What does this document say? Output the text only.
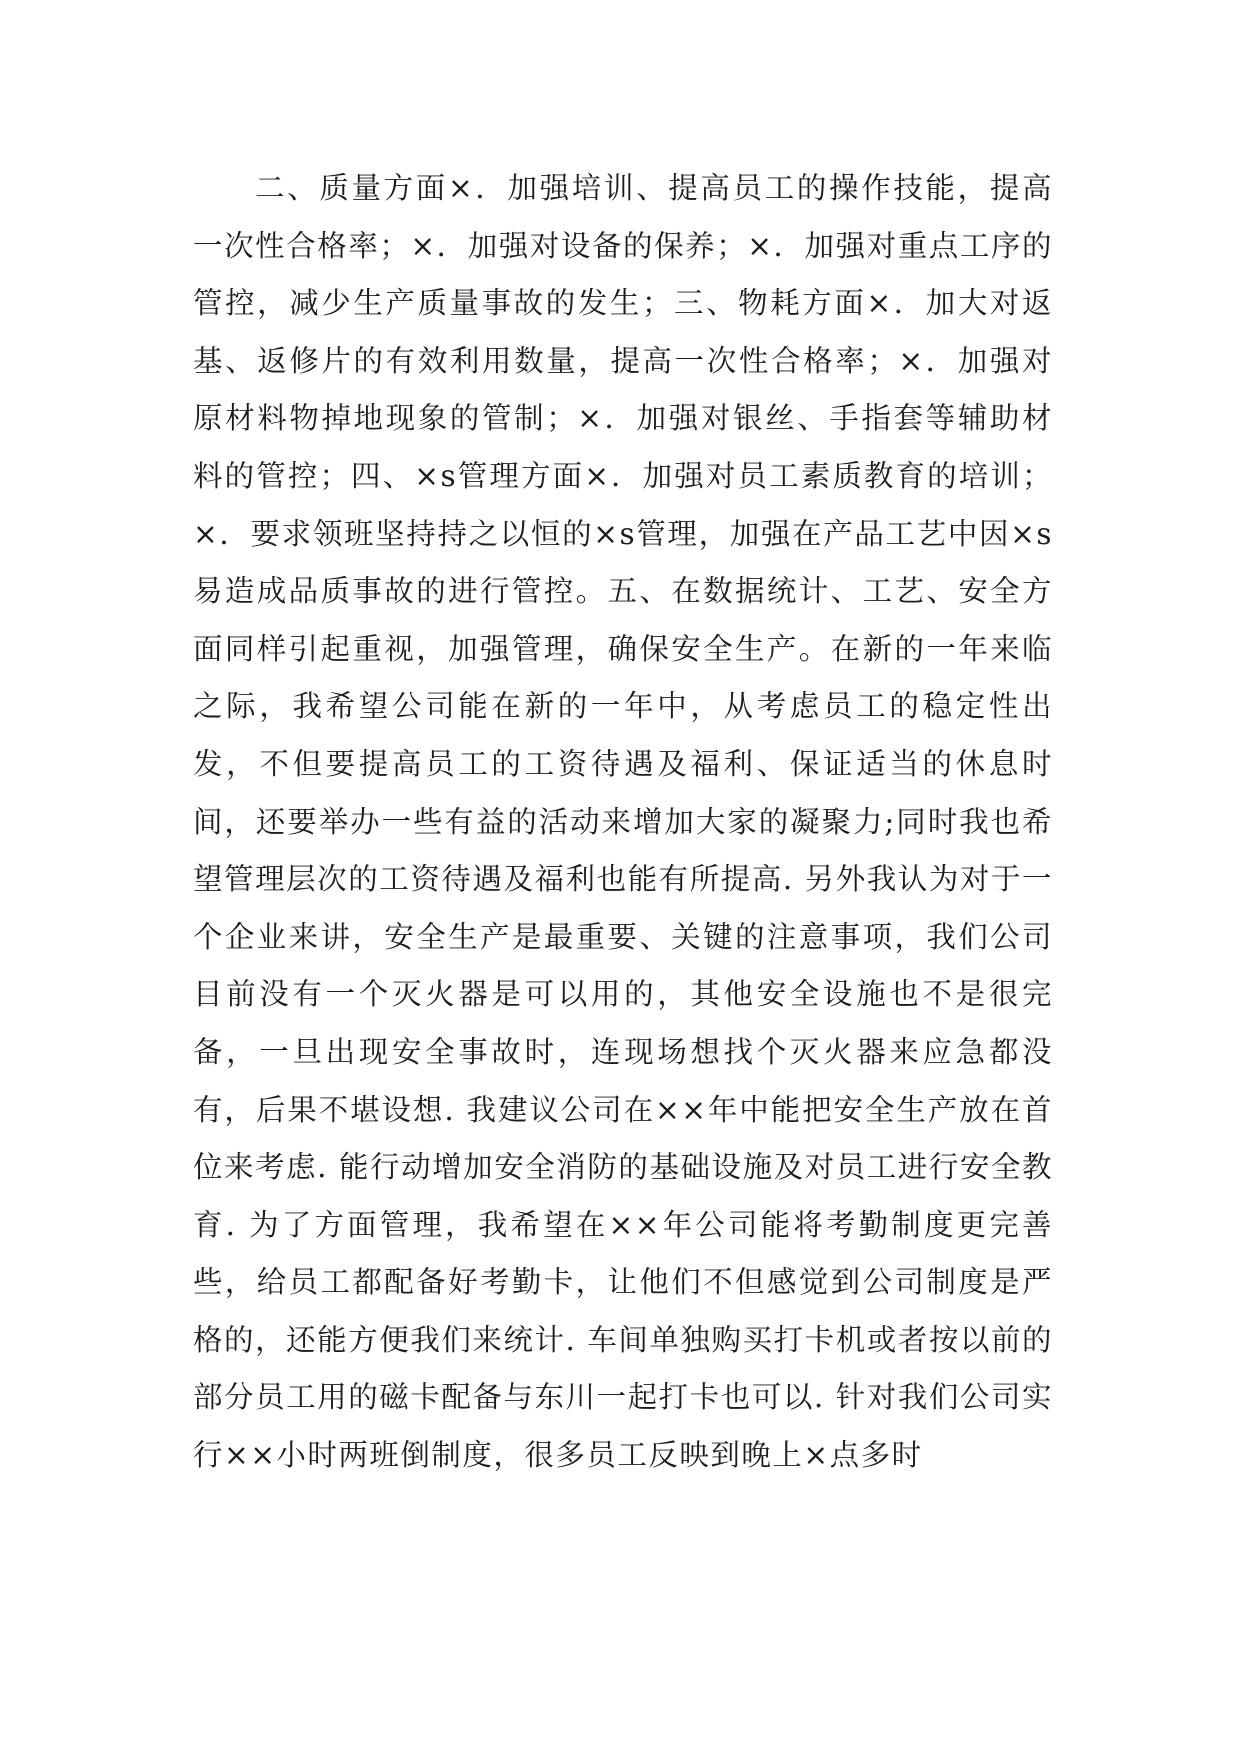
二、质量方面×．加强培训、提高员工的操作技能，提高一次性合格率；×．加强对设备的保养；×．加强对重点工序的管控，减少生产质量事故的发生；三、物耗方面×．加大对返基、返修片的有效利用数量，提高一次性合格率；×．加强对原材料物掉地现象的管制；×．加强对银丝、手指套等辅助材料的管控；四、×s管理方面×．加强对员工素质教育的培训；×．要求领班坚持持之以恒的×s管理，加强在产品工艺中因×s易造成品质事故的进行管控。五、在数据统计、工艺、安全方面同样引起重视，加强管理，确保安全生产。在新的一年来临之际，我希望公司能在新的一年中，从考虑员工的稳定性出发，不但要提高员工的工资待遇及福利、保证适当的休息时间，还要举办一些有益的活动来增加大家的凝聚力;同时我也希望管理层次的工资待遇及福利也能有所提高. 另外我认为对于一个企业来讲，安全生产是最重要、关键的注意事项，我们公司目前没有一个灭火器是可以用的，其他安全设施也不是很完备，一旦出现安全事故时，连现场想找个灭火器来应急都没有，后果不堪设想. 我建议公司在××年中能把安全生产放在首位来考虑. 能行动增加安全消防的基础设施及对员工进行安全教育. 为了方面管理，我希望在××年公司能将考勤制度更完善些，给员工都配备好考勤卡，让他们不但感觉到公司制度是严格的，还能方便我们来统计. 车间单独购买打卡机或者按以前的部分员工用的磁卡配备与东川一起打卡也可以. 针对我们公司实行××小时两班倒制度，很多员工反映到晚上×点多时
